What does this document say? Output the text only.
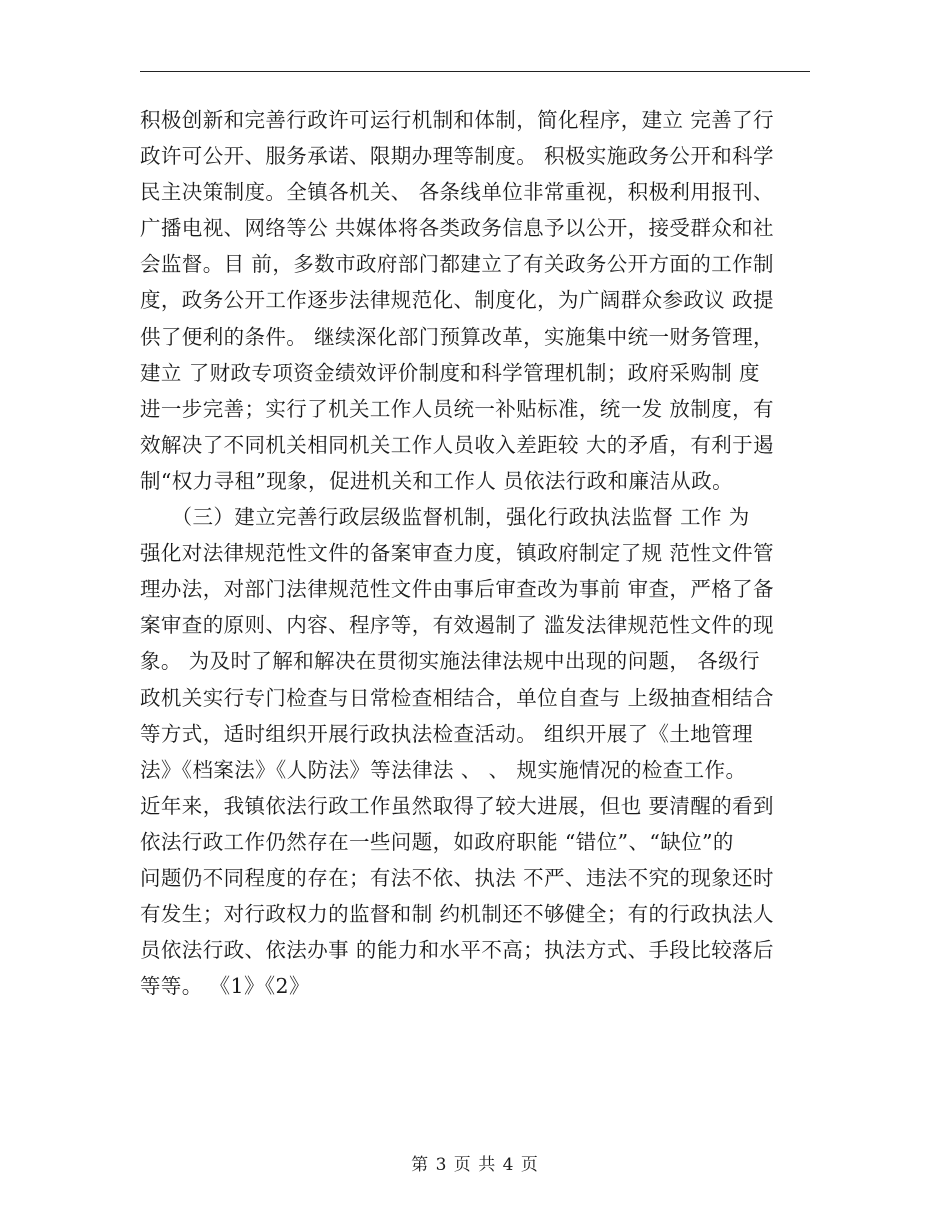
积极创新和完善行政许可运行机制和体制，简化程序，建立 完善了行
政许可公开、服务承诺、限期办理等制度。 积极实施政务公开和科学
民主决策制度。全镇各机关、 各条线单位非常重视，积极利用报刊、
广播电视、网络等公 共媒体将各类政务信息予以公开，接受群众和社
会监督。目 前，多数市政府部门都建立了有关政务公开方面的工作制
度，政务公开工作逐步法律规范化、制度化，为广阔群众参政议 政提
供了便利的条件。 继续深化部门预算改革，实施集中统一财务管理，
建立 了财政专项资金绩效评价制度和科学管理机制；政府采购制 度
进一步完善；实行了机关工作人员统一补贴标准，统一发 放制度，有
效解决了不同机关相同机关工作人员收入差距较 大的矛盾，有利于遏
制“权力寻租”现象，促进机关和工作人 员依法行政和廉洁从政。
　　（三）建立完善行政层级监督机制，强化行政执法监督 工作 为
强化对法律规范性文件的备案审查力度，镇政府制定了规 范性文件管
理办法，对部门法律规范性文件由事后审查改为事前 审查，严格了备
案审查的原则、内容、程序等，有效遏制了 滥发法律规范性文件的现
象。 为及时了解和解决在贯彻实施法律法规中出现的问题， 各级行
政机关实行专门检查与日常检查相结合，单位自查与 上级抽查相结合
等方式，适时组织开展行政执法检查活动。 组织开展了《土地管理
法》《档案法》《人防法》等法律法 、 、 规实施情况的检查工作。
近年来，我镇依法行政工作虽然取得了较大进展，但也 要清醒的看到
依法行政工作仍然存在一些问题，如政府职能 “错位”、“缺位”的
问题仍不同程度的存在；有法不依、执法 不严、违法不究的现象还时
有发生；对行政权力的监督和制 约机制还不够健全；有的行政执法人
员依法行政、依法办事 的能力和水平不高；执法方式、手段比较落后
等等。 《1》《2》
第 3 页 共 4 页
